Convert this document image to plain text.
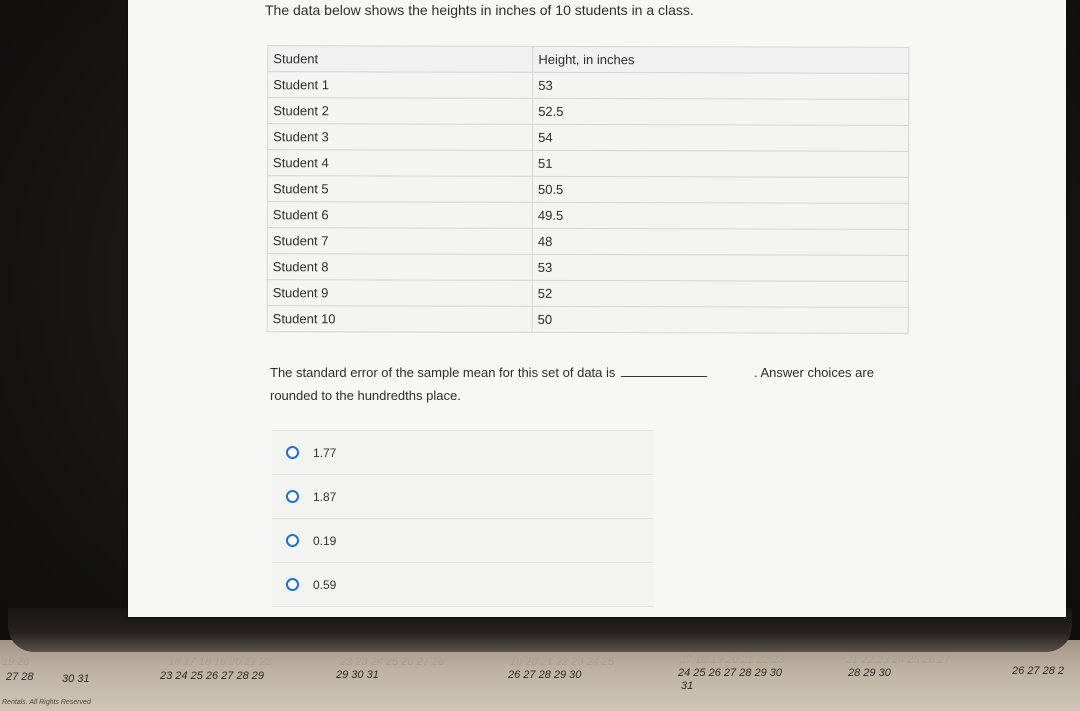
19 20	16 17 18 19 20 21 22	22 23 24 25 26 27 28	19 20 21 22 23 24 25	17 18 19 20 21 22 23	21 22 23 24 25 26 27
27 28	30 31	23 24 25 26 27 28 29	29 30 31	26 27 28 29 30	24 25 26 27 28 29 30
31
28 29 30	26 27 28 2
Rentals. All Rights Reserved
The data below shows the heights in inches of 10 students in a class.
Student	Height, in inches
Student 1	53
Student 2	52.5
Student 3	54
Student 4	51
Student 5	50.5
Student 6	49.5
Student 7	48
Student 8	53
Student 9	52
Student 10	50
The standard error of the sample mean for this set of data is
rounded to the hundredths place.
. Answer choices are
1.77
1.87
0.19
0.59
